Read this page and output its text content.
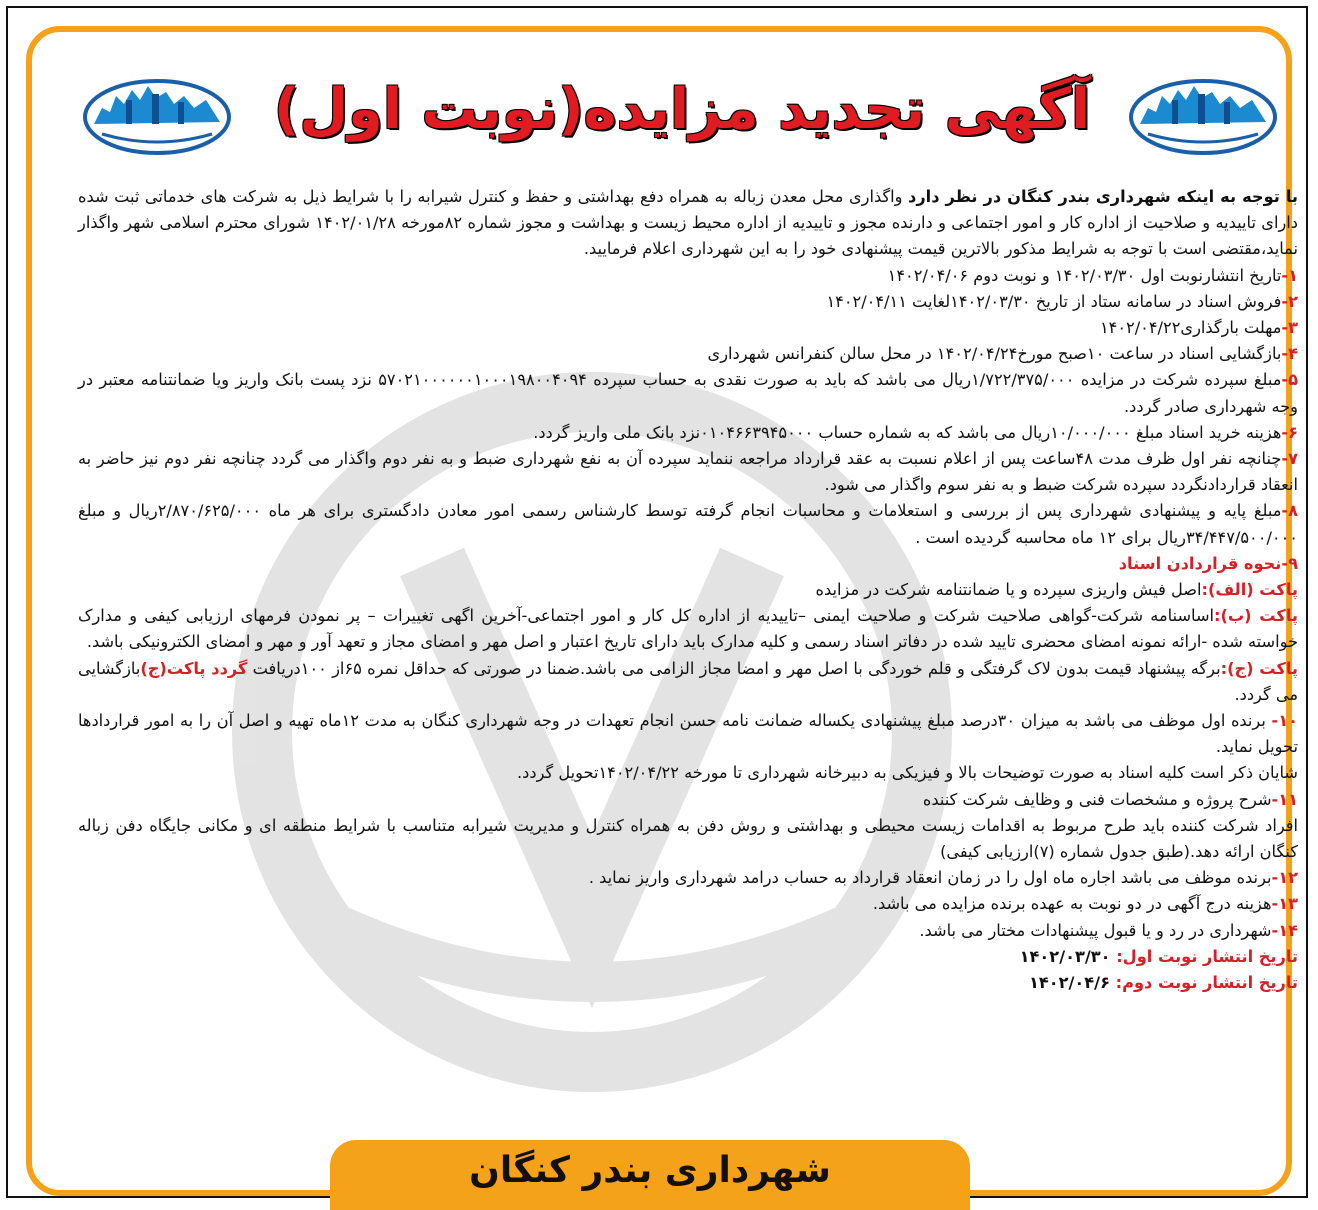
آگهی تجدید مزایده(نوبت اول)

با توجه به اینکه شهرداری بندر کنگان در نظر دارد واگذاری محل معدن زباله به همراه دفع بهداشتی و حفظ و کنترل شیرابه را با شرایط ذیل به شرکت های خدماتی ثبت شده دارای تاییدیه و صلاحیت از اداره کار و امور اجتماعی و دارنده مجوز و تاییدیه از اداره محیط زیست و بهداشت و مجوز شماره ۸۲مورخه ۱۴۰۲/۰۱/۲۸ شورای محترم اسلامی شهر واگذار نماید،مقتضی است با توجه به شرایط مذکور بالاترین قیمت پیشنهادی خود را به این شهرداری اعلام فرمایید.

۱-تاریخ انتشارنوبت اول ۱۴۰۲/۰۳/۳۰ و نوبت دوم ۱۴۰۲/۰۴/۰۶

۲-فروش اسناد در سامانه ستاد از تاریخ ۱۴۰۲/۰۳/۳۰لغایت ۱۴۰۲/۰۴/۱۱

۳-مهلت بارگذاری۱۴۰۲/۰۴/۲۲

۴-بازگشایی اسناد در ساعت ۱۰صبح مورخ۱۴۰۲/۰۴/۲۴ در محل سالن کنفرانس شهرداری

۵-مبلغ سپرده شرکت در مزایده ۱/۷۲۲/۳۷۵/۰۰۰ریال می باشد که باید به صورت نقدی به حساب سپرده ۵۷۰۲۱۰۰۰۰۰۰۱۰۰۰۱۹۸۰۰۴۰۹۴ نزد پست بانک واریز ویا ضمانتنامه معتبر در وجه شهرداری صادر گردد.

۶-هزینه خرید اسناد مبلغ ۱۰/۰۰۰/۰۰۰ریال می باشد که به شماره حساب ۰۱۰۴۶۶۳۹۴۵۰۰۰نزد بانک ملی واریز گردد.

۷-چنانچه نفر اول ظرف مدت ۴۸ساعت پس از اعلام نسبت به عقد قرارداد مراجعه ننماید سپرده آن به نفع شهرداری ضبط و به نفر دوم واگذار می گردد چنانچه نفر دوم نیز حاضر به انعقاد قراردادنگردد سپرده شرکت ضبط و به نفر سوم واگذار می شود.

۸-مبلغ پایه و پیشنهادی شهرداری پس از بررسی و استعلامات و محاسبات انجام گرفته توسط کارشناس رسمی امور معادن دادگستری برای هر ماه ۲/۸۷۰/۶۲۵/۰۰۰ریال و مبلغ ۳۴/۴۴۷/۵۰۰/۰۰۰ریال برای ۱۲ ماه محاسبه گردیده است .

۹-نحوه قراردادن اسناد

پاکت (الف):اصل فیش واریزی سپرده و یا ضمانتنامه شرکت در مزایده

پاکت (ب):اساسنامه شرکت-گواهی صلاحیت شرکت و صلاحیت ایمنی –تاییدیه از اداره کل کار و امور اجتماعی-آخرین اگهی تغییرات – پر نمودن فرمهای ارزیابی کیفی و مدارک خواسته شده -ارائه نمونه امضای محضری تایید شده در دفاتر اسناد رسمی و کلیه مدارک باید دارای تاریخ اعتبار و اصل مهر و امضای مجاز و تعهد آور و مهر و امضای الکترونیکی باشد.

پاکت (ج):برگه پیشنهاد قیمت بدون لاک گرفتگی و قلم خوردگی با اصل مهر و امضا مجاز الزامی می باشد.ضمنا در صورتی که حداقل نمره ۶۵از ۱۰۰دریافت گردد پاکت(ج)بازگشایی می گردد.

۱۰- برنده اول موظف می باشد به میزان ۳۰درصد مبلغ پیشنهادی یکساله ضمانت نامه حسن انجام تعهدات در وجه شهرداری کنگان به مدت ۱۲ماه تهیه و اصل آن را به امور قراردادها تحویل نماید.

شایان ذکر است کلیه اسناد به صورت توضیحات بالا و فیزیکی به دبیرخانه شهرداری تا مورخه ۱۴۰۲/۰۴/۲۲تحویل گردد.

۱۱-شرح پروژه و مشخصات فنی و وظایف شرکت کننده

افراد شرکت کننده باید طرح مربوط به اقدامات زیست محیطی و بهداشتی و روش دفن به همراه کنترل و مدیریت شیرابه متناسب با شرایط منطقه ای و مکانی جایگاه دفن زباله کنگان ارائه دهد.(طبق جدول شماره (۷)ارزیابی کیفی)

۱۲-برنده موظف می باشد اجاره ماه اول را در زمان انعقاد قرارداد به حساب درامد شهرداری واریز نماید .

۱۳-هزینه درج آگهی در دو نوبت به عهده برنده مزایده می باشد.

۱۴-شهرداری در رد و یا قبول پیشنهادات مختار می باشد.

تاریخ انتشار نوبت اول: ۱۴۰۲/۰۳/۳۰

تاریخ انتشار نوبت دوم: ۱۴۰۲/۰۴/۶

شهرداری بندر کنگان
